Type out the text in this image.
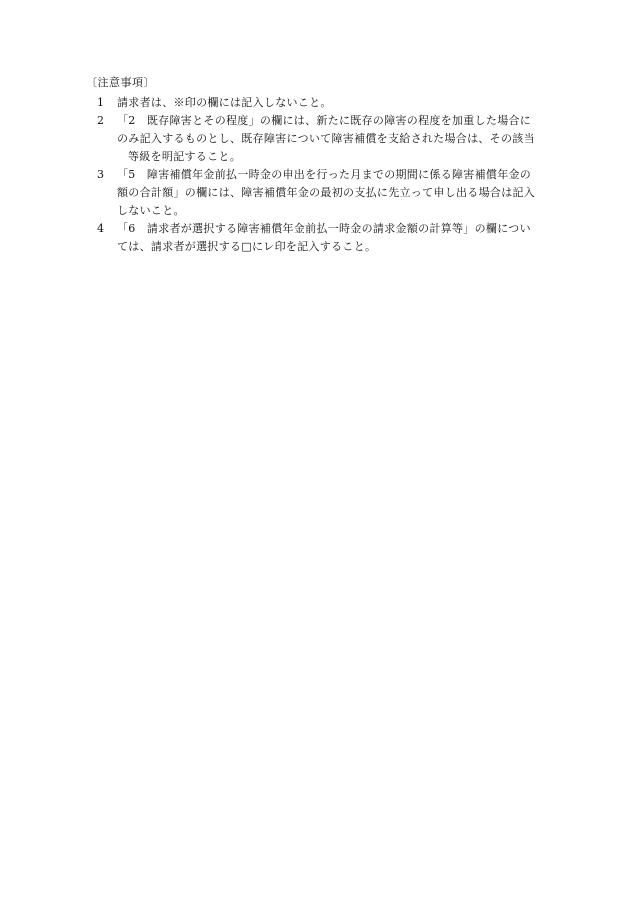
〔注意事項〕

1	請求者は、※印の欄には記入しないこと。
2	「2　既存障害とその程度」の欄には、新たに既存の障害の程度を加重した場合に
のみ記入するものとし、既存障害について障害補償を支給された場合は、その該当
等級を明記すること。
3	「5　障害補償年金前払一時金の申出を行った月までの期間に係る障害補償年金の
額の合計額」の欄には、障害補償年金の最初の支払に先立って申し出る場合は記入
しないこと。
4	「6　請求者が選択する障害補償年金前払一時金の請求金額の計算等」の欄につい
ては、請求者が選択する□にレ印を記入すること。
